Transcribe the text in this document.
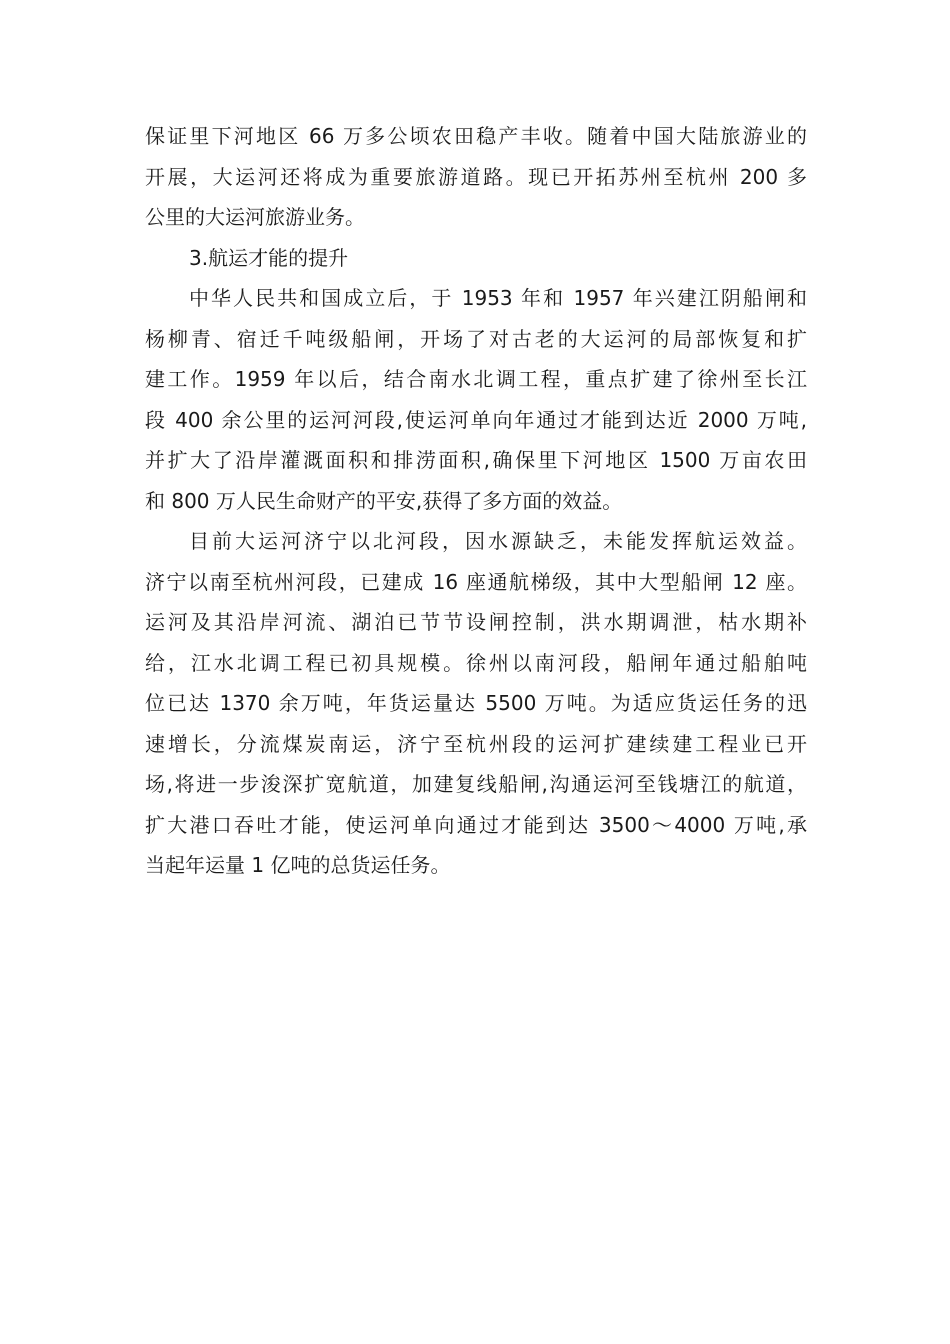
保证里下河地区 66 万多公顷农田稳产丰收。随着中国大陆旅游业的
开展，大运河还将成为重要旅游道路。现已开拓苏州至杭州 200 多
公里的大运河旅游业务。
3.航运才能的提升
中华人民共和国成立后，于 1953 年和 1957 年兴建江阴船闸和
杨柳青、宿迁千吨级船闸，开场了对古老的大运河的局部恢复和扩
建工作。1959 年以后，结合南水北调工程，重点扩建了徐州至长江
段 400 余公里的运河河段,使运河单向年通过才能到达近 2000 万吨,
并扩大了沿岸灌溉面积和排涝面积,确保里下河地区 1500 万亩农田
和 800 万人民生命财产的平安,获得了多方面的效益。
目前大运河济宁以北河段，因水源缺乏，未能发挥航运效益。
济宁以南至杭州河段，已建成 16 座通航梯级，其中大型船闸 12 座。
运河及其沿岸河流、湖泊已节节设闸控制，洪水期调泄，枯水期补
给，江水北调工程已初具规模。徐州以南河段，船闸年通过船舶吨
位已达 1370 余万吨，年货运量达 5500 万吨。为适应货运任务的迅
速增长，分流煤炭南运，济宁至杭州段的运河扩建续建工程业已开
场,将进一步浚深扩宽航道，加建复线船闸,沟通运河至钱塘江的航道，
扩大港口吞吐才能，使运河单向通过才能到达 3500～4000 万吨,承
当起年运量 1 亿吨的总货运任务。
